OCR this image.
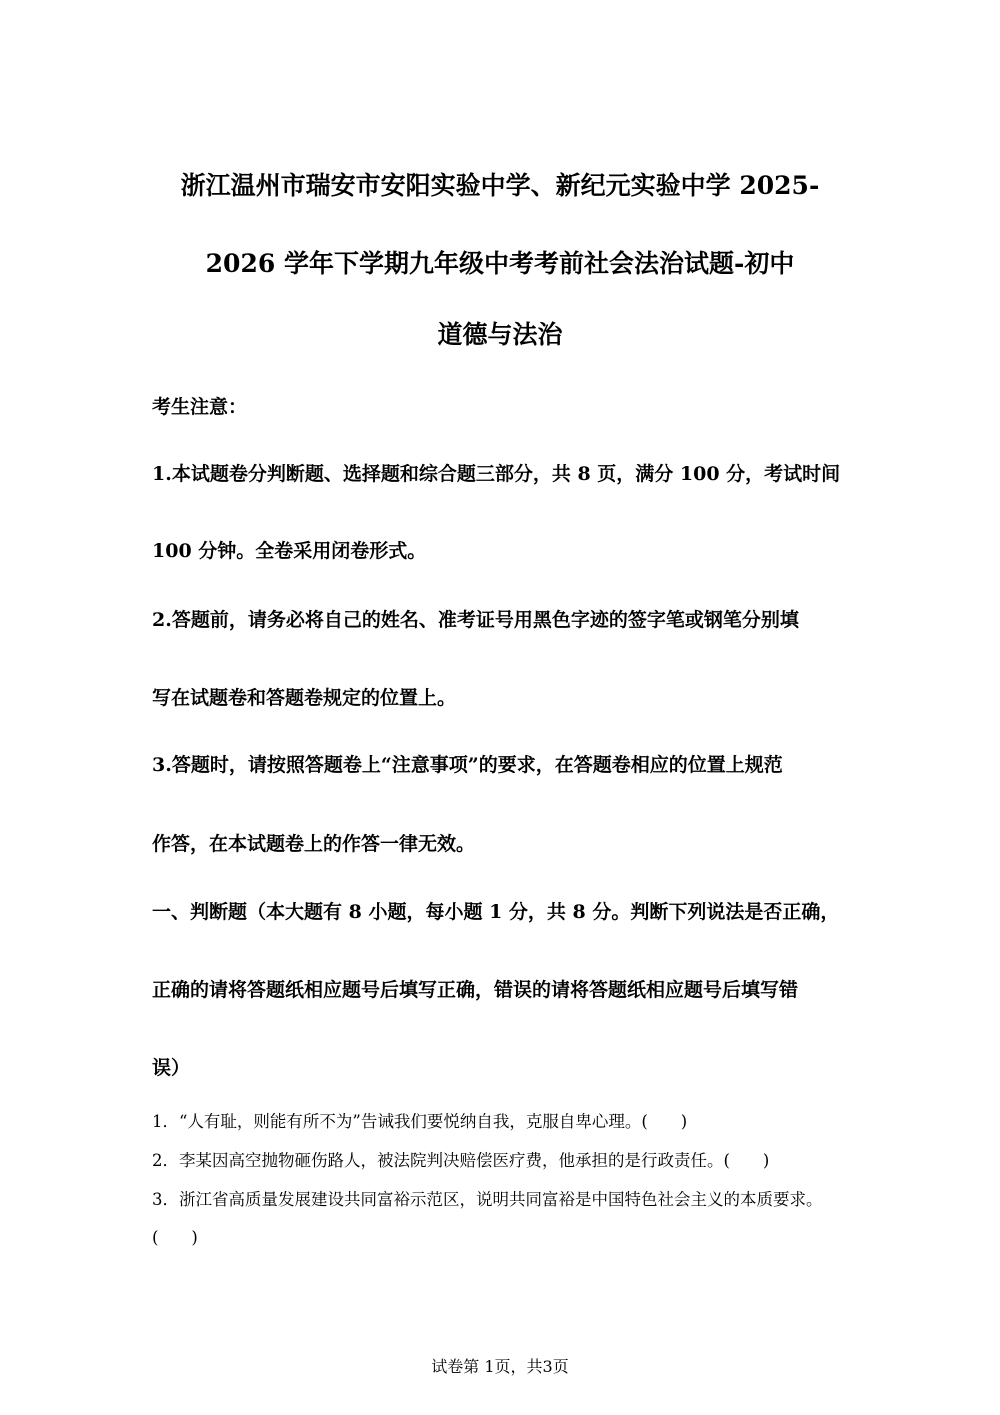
浙江温州市瑞安市安阳实验中学、新纪元实验中学 2025-
2026 学年下学期九年级中考考前社会法治试题-初中
道德与法治
考生注意：
1.本试题卷分判断题、选择题和综合题三部分，共 8 页，满分 100 分，考试时间
100 分钟。全卷采用闭卷形式。
2.答题前，请务必将自己的姓名、准考证号用黑色字迹的签字笔或钢笔分别填
写在试题卷和答题卷规定的位置上。
3.答题时，请按照答题卷上“注意事项”的要求，在答题卷相应的位置上规范
作答，在本试题卷上的作答一律无效。
一、判断题（本大题有 8 小题，每小题 1 分，共 8 分。判断下列说法是否正确，
正确的请将答题纸相应题号后填写正确，错误的请将答题纸相应题号后填写错
误）
1．“人有耻，则能有所不为”告诫我们要悦纳自我，克服自卑心理。(　　)
2．李某因高空抛物砸伤路人，被法院判决赔偿医疗费，他承担的是行政责任。(　　)
3．浙江省高质量发展建设共同富裕示范区，说明共同富裕是中国特色社会主义的本质要求。
(　　)
试卷第 1页，共3页
